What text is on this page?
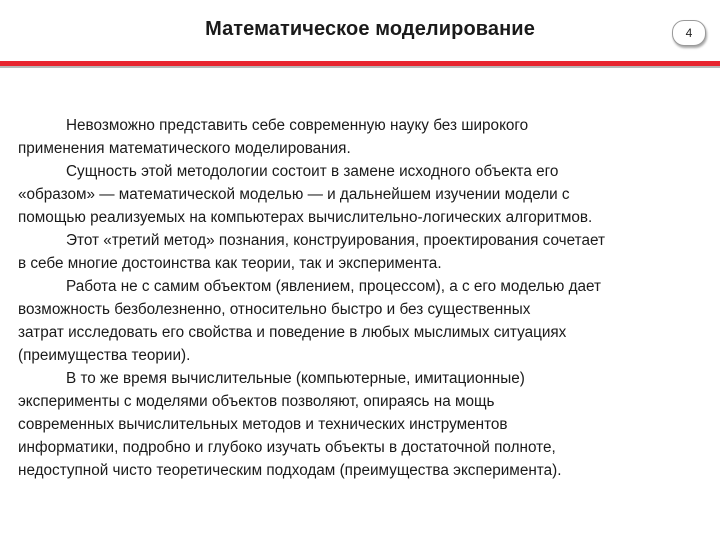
Математическое моделирование	4
Невозможно представить себе современную науку без широкого
применения математического моделирования.
Сущность этой методологии состоит в замене исходного объекта его
«образом» — математической моделью — и дальнейшем изучении модели с
помощью реализуемых на компьютерах вычислительно-логических алгоритмов.
Этот «третий метод» познания, конструирования, проектирования сочетает
в себе многие достоинства как теории, так и эксперимента.
Работа не с самим объектом (явлением, процессом), а с его моделью дает
возможность безболезненно, относительно быстро и без существенных
затрат исследовать его свойства и поведение в любых мыслимых ситуациях
(преимущества теории).
В то же время вычислительные (компьютерные, имитационные)
эксперименты с моделями объектов позволяют, опираясь на мощь
современных вычислительных методов и технических инструментов
информатики, подробно и глубоко изучать объекты в достаточной полноте,
недоступной чисто теоретическим подходам (преимущества эксперимента).
